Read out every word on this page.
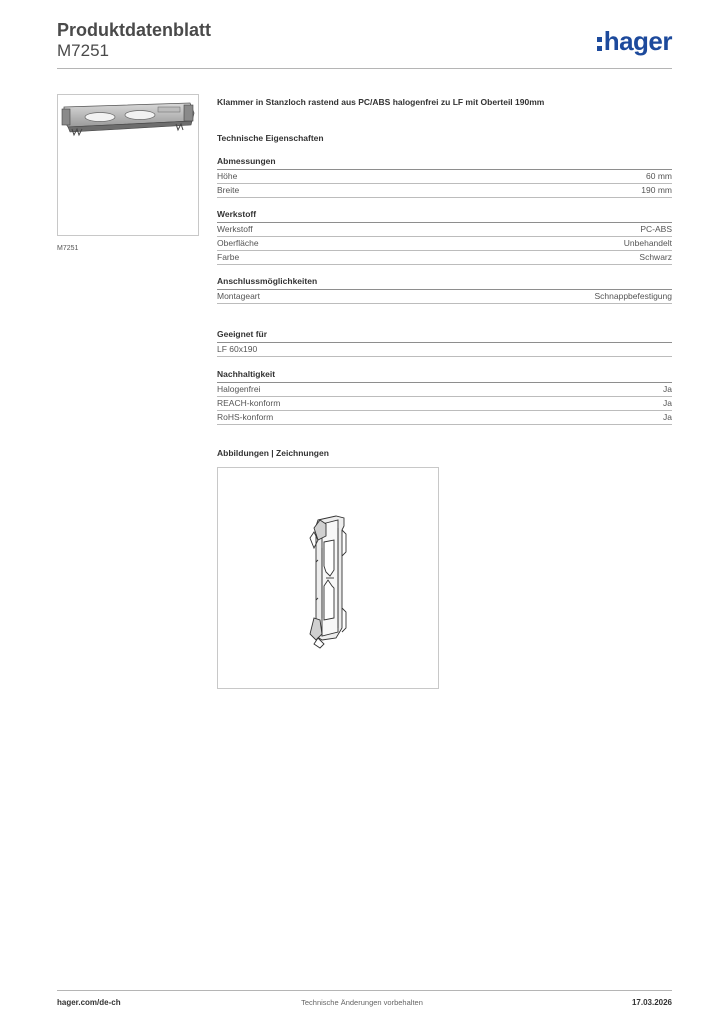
Produktdatenblatt
M7251	hager
M7251
Klammer in Stanzloch rastend aus PC/ABS halogenfrei zu LF mit Oberteil 190mm
Technische Eigenschaften
Abmessungen
Höhe	60 mm
Breite	190 mm
Werkstoff
Werkstoff	PC-ABS
Oberfläche	Unbehandelt
Farbe	Schwarz
Anschlussmöglichkeiten
Montageart	Schnappbefestigung
Geeignet für
LF 60x190
Nachhaltigkeit
Halogenfrei	Ja
REACH-konform	Ja
RoHS-konform	Ja
Abbildungen | Zeichnungen
hager.com/de-ch	Technische Änderungen vorbehalten	17.03.2026
